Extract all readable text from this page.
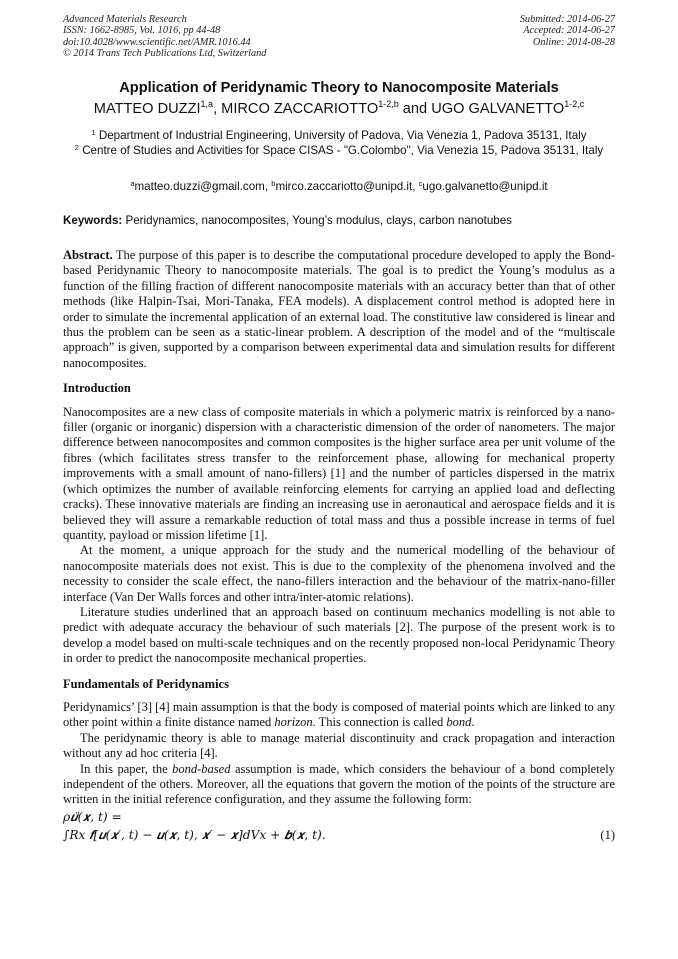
Advanced Materials Research
ISSN: 1662-8985, Vol. 1016, pp 44-48
doi:10.4028/www.scientific.net/AMR.1016.44
© 2014 Trans Tech Publications Ltd, Switzerland
Submitted: 2014-06-27
Accepted: 2014-06-27
Online: 2014-08-28
Application of Peridynamic Theory to Nanocomposite Materials
MATTEO DUZZI$^{1,a}$, MIRCO ZACCARIOTTO$^{1-2,b}$ and UGO GALVANETTO$^{1-2,c}$
$^1$ Department of Industrial Engineering, University of Padova, Via Venezia 1, Padova 35131, Italy
$^2$ Centre of Studies and Activities for Space CISAS - "G.Colombo", Via Venezia 15, Padova 35131, Italy
$^a$matteo.duzzi@gmail.com, $^b$mirco.zaccariotto@unipd.it, $^c$ugo.galvanetto@unipd.it
Keywords: Peridynamics, nanocomposites, Young’s modulus, clays, carbon nanotubes

Abstract. The purpose of this paper is to describe the computational procedure developed to apply the Bond-based Peridynamic Theory to nanocomposite materials. The goal is to predict the Young’s modulus as a function of the filling fraction of different nanocomposite materials with an accuracy better than that of other methods (like Halpin-Tsai, Mori-Tanaka, FEA models). A displacement control method is adopted here in order to simulate the incremental application of an external load. The constitutive law considered is linear and thus the problem can be seen as a static-linear problem. A description of the model and of the “multiscale approach” is given, supported by a comparison between experimental data and simulation results for different nanocomposites.

Introduction

Nanocomposites are a new class of composite materials in which a polymeric matrix is reinforced by a nano-filler (organic or inorganic) dispersion with a characteristic dimension of the order of nanometers. The major difference between nanocomposites and common composites is the higher surface area per unit volume of the fibres (which facilitates stress transfer to the reinforcement phase, allowing for mechanical property improvements with a small amount of nano-fillers) [1] and the number of particles dispersed in the matrix (which optimizes the number of available reinforcing elements for carrying an applied load and deflecting cracks). These innovative materials are finding an increasing use in aeronautical and aerospace fields and it is believed they will assure a remarkable reduction of total mass and thus a possible increase in terms of fuel quantity, payload or mission lifetime [1].

At the moment, a unique approach for the study and the numerical modelling of the behaviour of nanocomposite materials does not exist. This is due to the complexity of the phenomena involved and the necessity to consider the scale effect, the nano-fillers interaction and the behaviour of the matrix-nano-filler interface (Van Der Walls forces and other intra/inter-atomic relations).

Literature studies underlined that an approach based on continuum mechanics modelling is not able to predict with adequate accuracy the behaviour of such materials [2]. The purpose of the present work is to develop a model based on multi-scale techniques and on the recently proposed non-local Peridynamic Theory in order to predict the nanocomposite mechanical properties.

Fundamentals of Peridynamics

Peridynamics’ [3] [4] main assumption is that the body is composed of material points which are linked to any other point within a finite distance named horizon. This connection is called bond.

The peridynamic theory is able to manage material discontinuity and crack propagation and interaction without any ad hoc criteria [4].

In this paper, the bond-based assumption is made, which considers the behaviour of a bond completely independent of the others. Moreover, all the equations that govern the motion of the points of the structure are written in the initial reference configuration, and they assume the following form:

ρ𝒖̈(𝒙, 𝑡) =

∫𝑅𝑥 𝒇[𝒖(𝒙′, 𝑡) − 𝒖(𝒙, 𝑡), 𝒙′ − 𝒙]𝑑𝑉𝑥 + 𝒃(𝒙, 𝑡).	(1)
